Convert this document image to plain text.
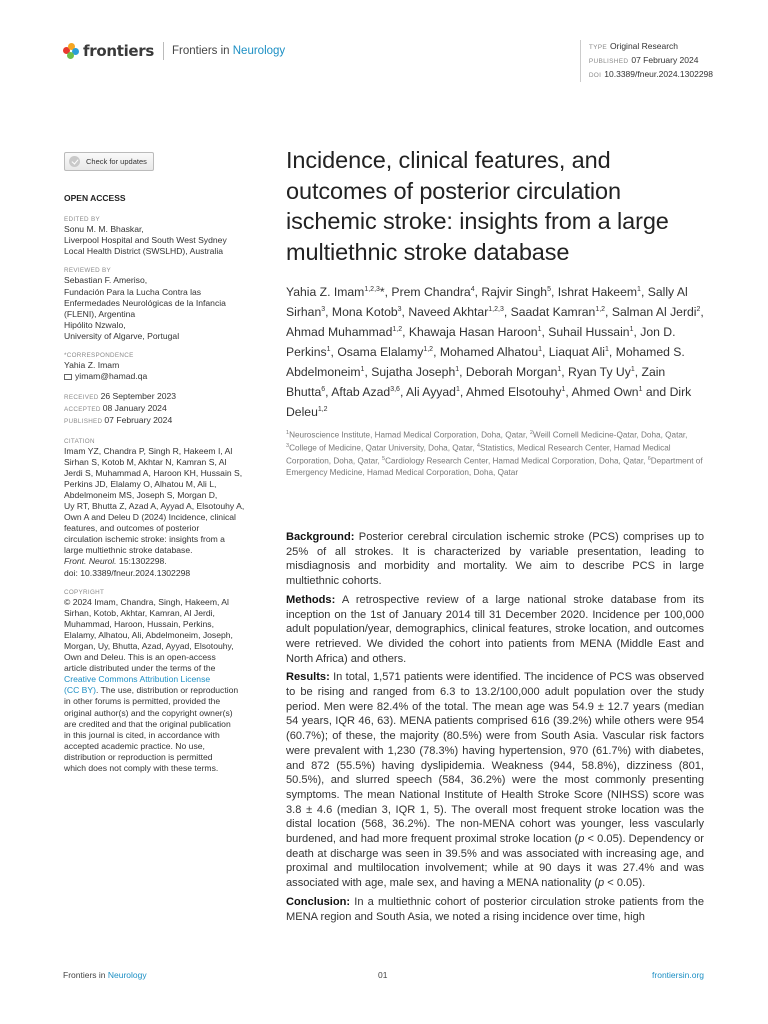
frontiers Frontiers in Neurology	TYPE Original Research
PUBLISHED 07 February 2024
DOI 10.3389/fneur.2024.1302298
Check for updates
OPEN ACCESS
EDITED BY
Sonu M. M. Bhaskar,
Liverpool Hospital and South West Sydney
Local Health District (SWSLHD), Australia
REVIEWED BY
Sebastian F. Ameriso,
Fundación Para la Lucha Contra las
Enfermedades Neurológicas de la Infancia
(FLENI), Argentina
Hipólito Nzwalo,
University of Algarve, Portugal
*CORRESPONDENCE
Yahia Z. Imam
yimam@hamad.qa
RECEIVED 26 September 2023
ACCEPTED 08 January 2024
PUBLISHED 07 February 2024
CITATION
Imam YZ, Chandra P, Singh R, Hakeem I, Al
Sirhan S, Kotob M, Akhtar N, Kamran S, Al
Jerdi S, Muhammad A, Haroon KH, Hussain S,
Perkins JD, Elalamy O, Alhatou M, Ali L,
Abdelmoneim MS, Joseph S, Morgan D,
Uy RT, Bhutta Z, Azad A, Ayyad A, Elsotouhy A,
Own A and Deleu D (2024) Incidence, clinical
features, and outcomes of posterior
circulation ischemic stroke: insights from a
large multiethnic stroke database.
Front. Neurol. 15:1302298.
doi: 10.3389/fneur.2024.1302298
COPYRIGHT
© 2024 Imam, Chandra, Singh, Hakeem, Al
Sirhan, Kotob, Akhtar, Kamran, Al Jerdi,
Muhammad, Haroon, Hussain, Perkins,
Elalamy, Alhatou, Ali, Abdelmoneim, Joseph,
Morgan, Uy, Bhutta, Azad, Ayyad, Elsotouhy,
Own and Deleu. This is an open-access
article distributed under the terms of the
Creative Commons Attribution License
(CC BY). The use, distribution or reproduction
in other forums is permitted, provided the
original author(s) and the copyright owner(s)
are credited and that the original publication
in this journal is cited, in accordance with
accepted academic practice. No use,
distribution or reproduction is permitted
which does not comply with these terms.
Incidence, clinical features, and outcomes of posterior circulation ischemic stroke: insights from a large multiethnic stroke database
Yahia Z. Imam$^{1,2,3}$*, Prem Chandra$^4$, Rajvir Singh$^5$, Ishrat Hakeem$^1$, Sally Al Sirhan$^3$, Mona Kotob$^3$, Naveed Akhtar$^{1,2,3}$, Saadat Kamran$^{1,2}$, Salman Al Jerdi$^2$, Ahmad Muhammad$^{1,2}$, Khawaja Hasan Haroon$^1$, Suhail Hussain$^1$, Jon D. Perkins$^1$, Osama Elalamy$^{1,2}$, Mohamed Alhatou$^1$, Liaquat Ali$^1$, Mohamed S. Abdelmoneim$^1$, Sujatha Joseph$^1$, Deborah Morgan$^1$, Ryan Ty Uy$^1$, Zain Bhutta$^6$, Aftab Azad$^{3,6}$, Ali Ayyad$^1$, Ahmed Elsotouhy$^1$, Ahmed Own$^1$ and Dirk Deleu$^{1,2}$
$^1$Neuroscience Institute, Hamad Medical Corporation, Doha, Qatar, $^2$Weill Cornell Medicine-Qatar, Doha, Qatar, $^3$College of Medicine, Qatar University, Doha, Qatar, $^4$Statistics, Medical Research Center, Hamad Medical Corporation, Doha, Qatar, $^5$Cardiology Research Center, Hamad Medical Corporation, Doha, Qatar, $^6$Department of Emergency Medicine, Hamad Medical Corporation, Doha, Qatar

Background: Posterior cerebral circulation ischemic stroke (PCS) comprises up to 25% of all strokes. It is characterized by variable presentation, leading to misdiagnosis and morbidity and mortality. We aim to describe PCS in large multiethnic cohorts.

Methods: A retrospective review of a large national stroke database from its inception on the 1st of January 2014 till 31 December 2020. Incidence per 100,000 adult population/year, demographics, clinical features, stroke location, and outcomes were retrieved. We divided the cohort into patients from MENA (Middle East and North Africa) and others.

Results: In total, 1,571 patients were identified. The incidence of PCS was observed to be rising and ranged from 6.3 to 13.2/100,000 adult population over the study period. Men were 82.4% of the total. The mean age was 54.9 ± 12.7 years (median 54 years, IQR 46, 63). MENA patients comprised 616 (39.2%) while others were 954 (60.7%); of these, the majority (80.5%) were from South Asia. Vascular risk factors were prevalent with 1,230 (78.3%) having hypertension, 970 (61.7%) with diabetes, and 872 (55.5%) having dyslipidemia. Weakness (944, 58.8%), dizziness (801, 50.5%), and slurred speech (584, 36.2%) were the most commonly presenting symptoms. The mean National Institute of Health Stroke Score (NIHSS) score was 3.8 ± 4.6 (median 3, IQR 1, 5). The overall most frequent stroke location was the distal location (568, 36.2%). The non-MENA cohort was younger, less vascularly burdened, and had more frequent proximal stroke location (p < 0.05). Dependency or death at discharge was seen in 39.5% and was associated with increasing age, and proximal and multilocation involvement; while at 90 days it was 27.4% and was associated with age, male sex, and having a MENA nationality (p < 0.05).

Conclusion: In a multiethnic cohort of posterior circulation stroke patients from the MENA region and South Asia, we noted a rising incidence over time, high

Frontiers in Neurology	01	frontiersin.org
